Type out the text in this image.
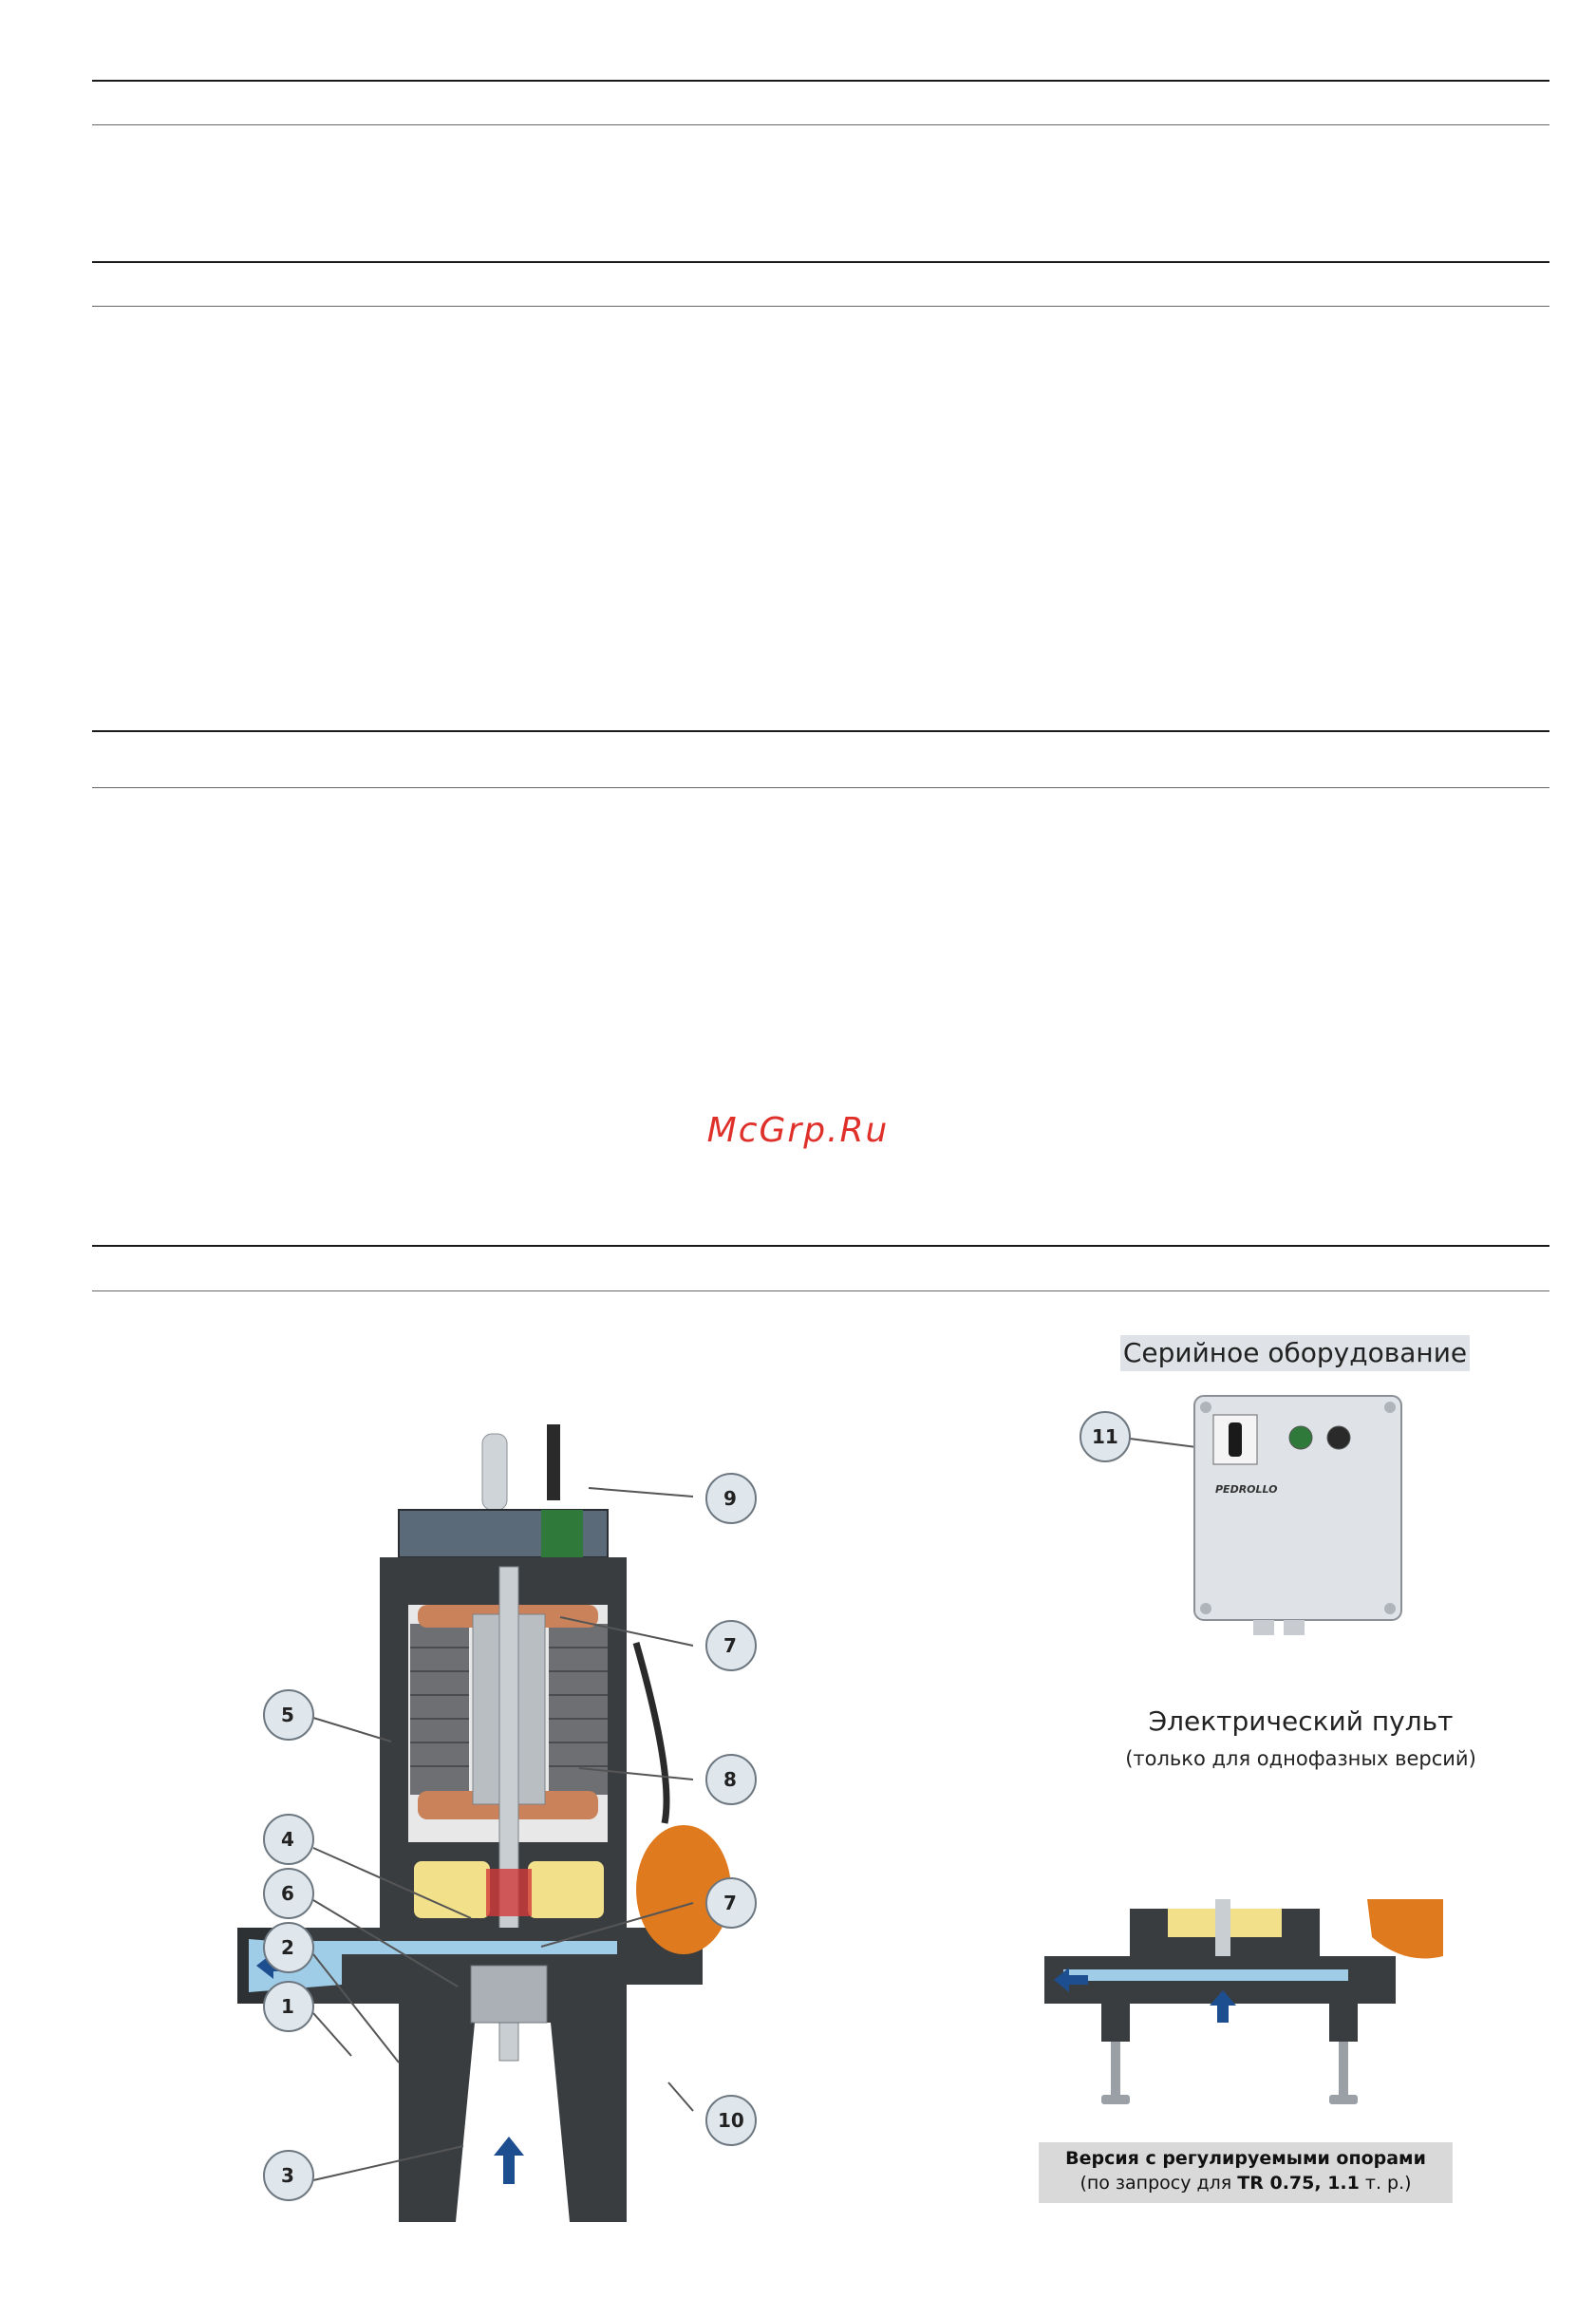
McGrp.Ru
9
7
5
8
4
7
6
2
1
10
3
Серийное оборудование
11
PEDROLLO
Электрический пульт
(только для однофазных версий)
Версия с регулируемыми опорами
(по запросу для TR 0.75, 1.1 т. р.)
